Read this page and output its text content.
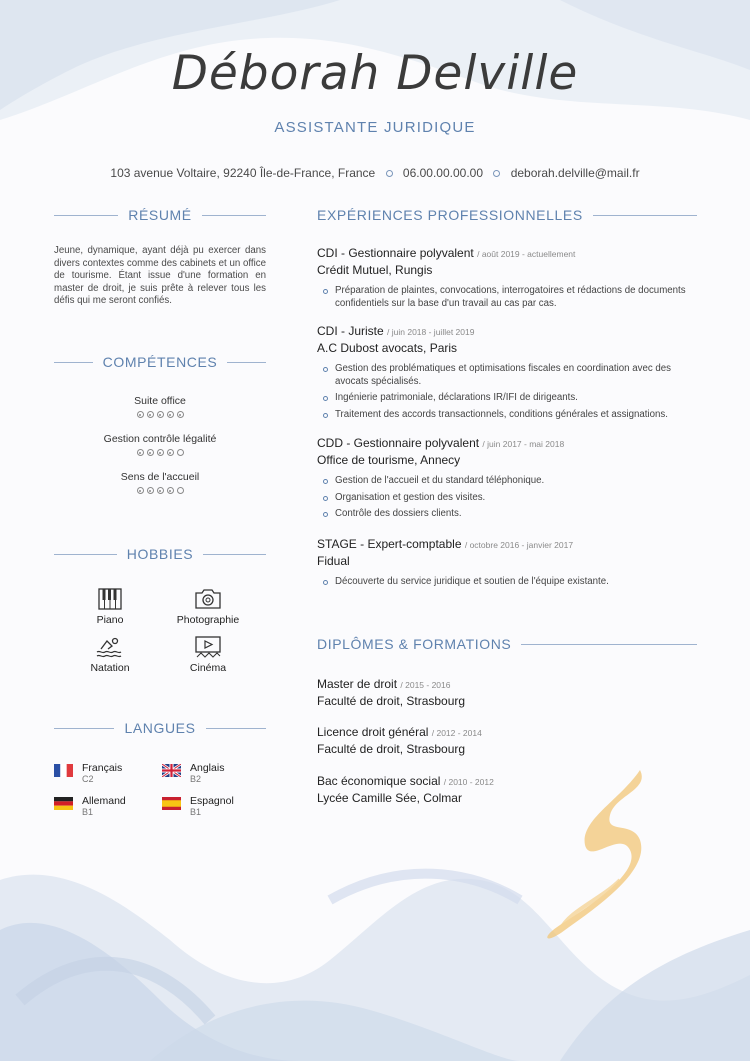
Déborah Delville
ASSISTANTE JURIDIQUE
103 avenue Voltaire, 92240 Île-de-France, France 06.00.00.00.00 deborah.delville@mail.fr
RÉSUMÉ
Jeune, dynamique, ayant déjà pu exercer dans divers contextes comme des cabinets et un office de tourisme. Étant issue d'une formation en master de droit, je suis prête à relever tous les défis qui me seront confiés.
COMPÉTENCES
Suite office
Gestion contrôle légalité
Sens de l'accueil
HOBBIES
Piano	Photographie
Natation	Cinéma
LANGUES
Français
C2
Anglais
B2
Allemand
B1
Espagnol
B1
EXPÉRIENCES PROFESSIONNELLES
CDI - Gestionnaire polyvalent / août 2019 - actuellement
Crédit Mutuel, Rungis
Préparation de plaintes, convocations, interrogatoires et rédactions de documents confidentiels sur la base d'un travail au cas par cas.
CDI - Juriste / juin 2018 - juillet 2019
A.C Dubost avocats, Paris
Gestion des problématiques et optimisations fiscales en coordination avec des avocats spécialisés.
Ingénierie patrimoniale, déclarations IR/IFI de dirigeants.
Traitement des accords transactionnels, conditions générales et assignations.
CDD - Gestionnaire polyvalent / juin 2017 - mai 2018
Office de tourisme, Annecy
Gestion de l'accueil et du standard téléphonique.
Organisation et gestion des visites.
Contrôle des dossiers clients.
STAGE - Expert-comptable / octobre 2016 - janvier 2017
Fidual
Découverte du service juridique et soutien de l'équipe existante.
DIPLÔMES & FORMATIONS
Master de droit / 2015 - 2016
Faculté de droit, Strasbourg
Licence droit général / 2012 - 2014
Faculté de droit, Strasbourg
Bac économique social / 2010 - 2012
Lycée Camille Sée, Colmar
